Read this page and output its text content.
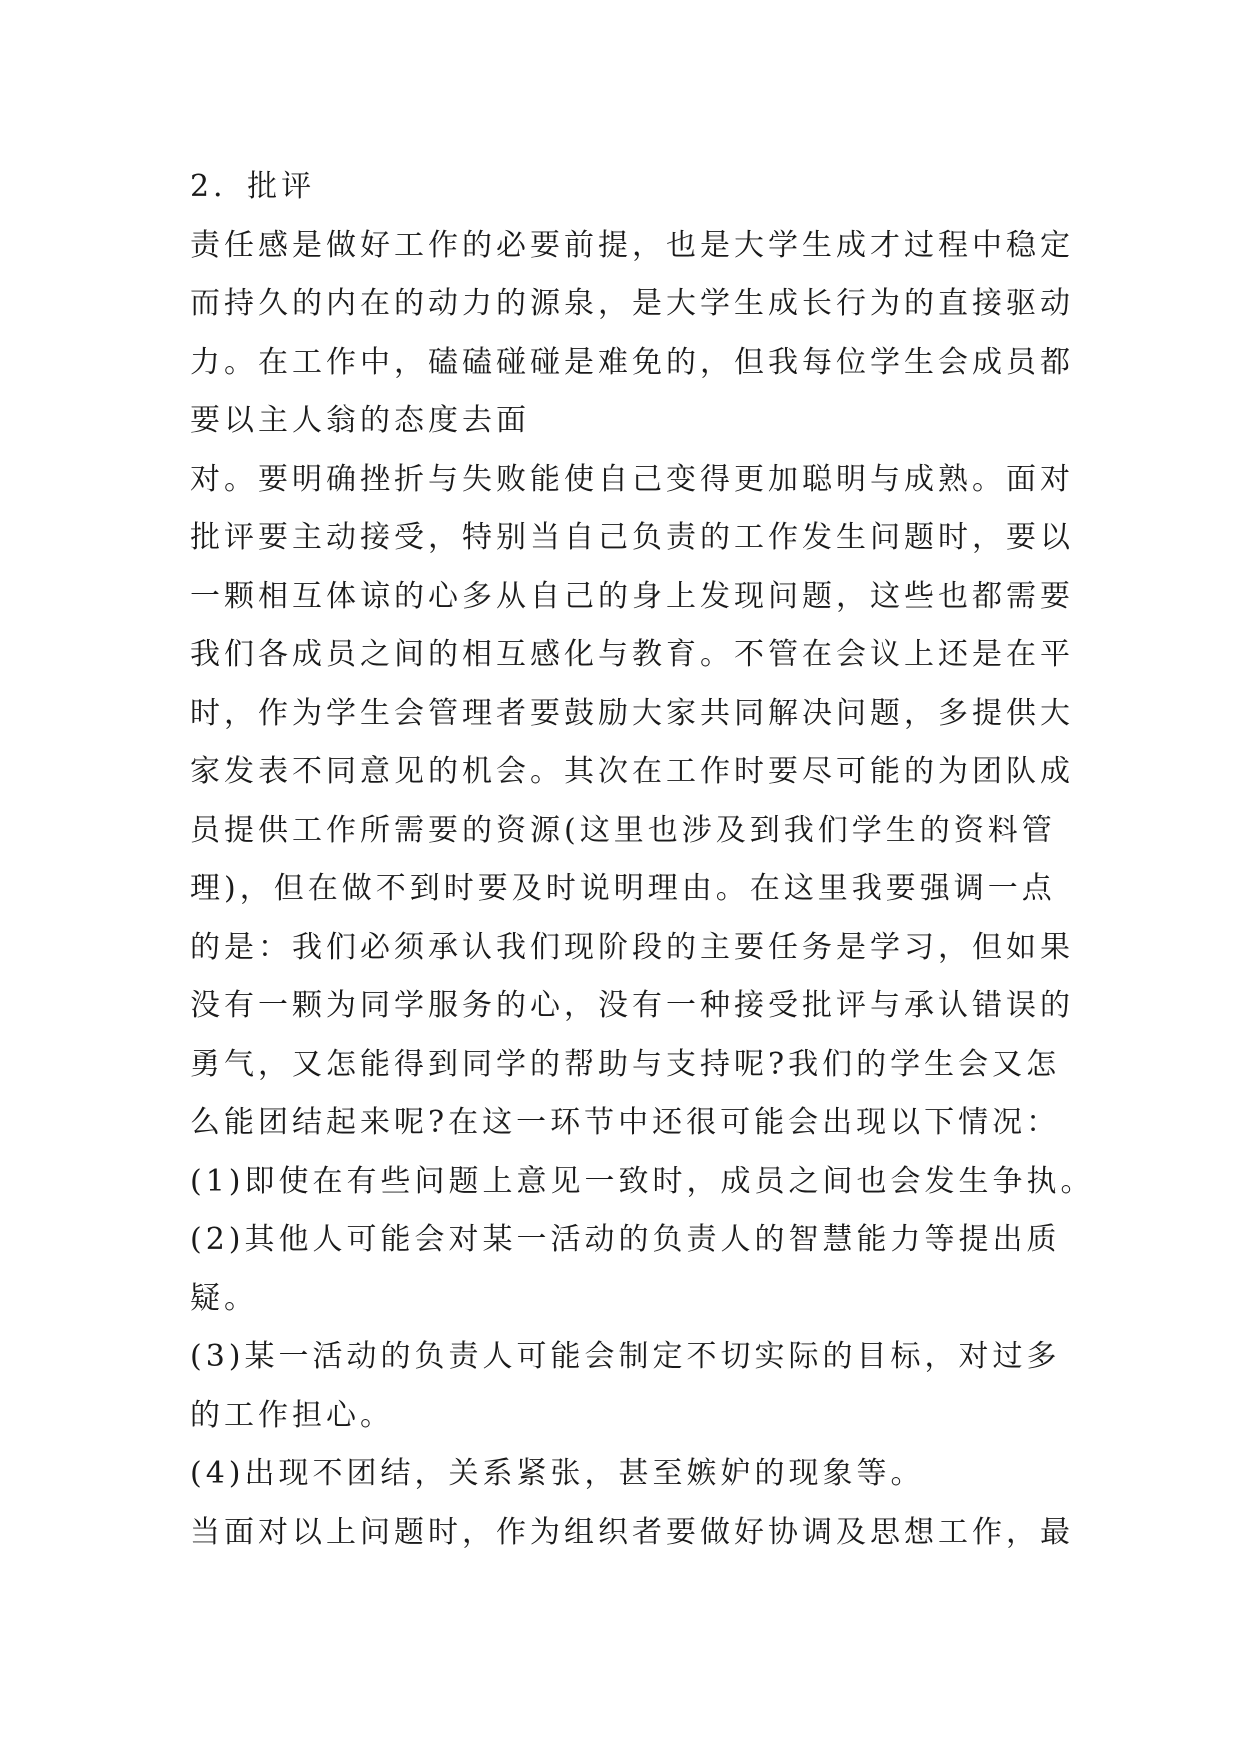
2．批评
责任感是做好工作的必要前提，也是大学生成才过程中稳定
而持久的内在的动力的源泉，是大学生成长行为的直接驱动
力。在工作中，磕磕碰碰是难免的，但我每位学生会成员都
要以主人翁的态度去面
对。要明确挫折与失败能使自己变得更加聪明与成熟。面对
批评要主动接受，特别当自己负责的工作发生问题时，要以
一颗相互体谅的心多从自己的身上发现问题，这些也都需要
我们各成员之间的相互感化与教育。不管在会议上还是在平
时，作为学生会管理者要鼓励大家共同解决问题，多提供大
家发表不同意见的机会。其次在工作时要尽可能的为团队成
员提供工作所需要的资源(这里也涉及到我们学生的资料管
理)，但在做不到时要及时说明理由。在这里我要强调一点
的是：我们必须承认我们现阶段的主要任务是学习，但如果
没有一颗为同学服务的心，没有一种接受批评与承认错误的
勇气，又怎能得到同学的帮助与支持呢?我们的学生会又怎
么能团结起来呢?在这一环节中还很可能会出现以下情况：
(1)即使在有些问题上意见一致时，成员之间也会发生争执。
(2)其他人可能会对某一活动的负责人的智慧能力等提出质
疑。
(3)某一活动的负责人可能会制定不切实际的目标，对过多
的工作担心。
(4)出现不团结，关系紧张，甚至嫉妒的现象等。
当面对以上问题时，作为组织者要做好协调及思想工作，最
